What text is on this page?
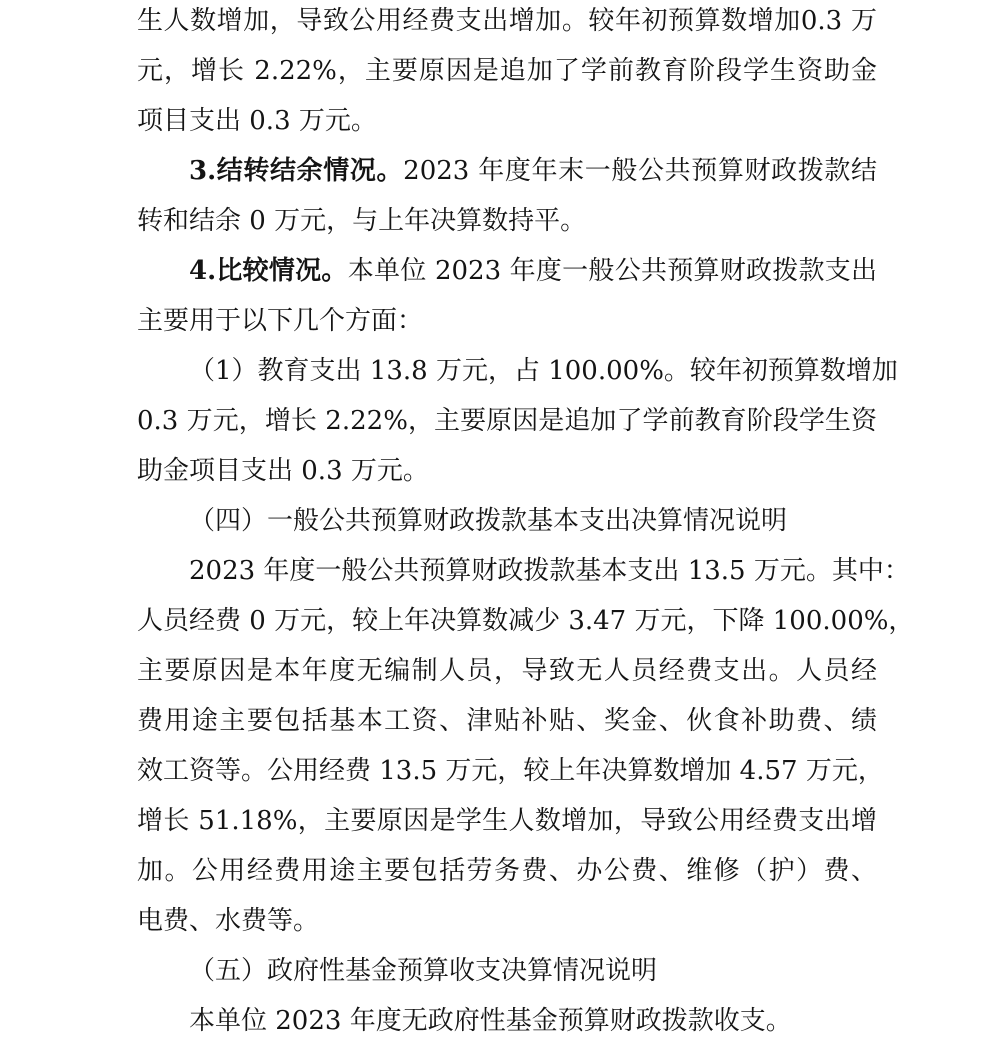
生人数增加，导致公用经费支出增加。较年初预算数增加0.3 万
元，增长 2.22%，主要原因是追加了学前教育阶段学生资助金
项目支出 0.3 万元。
3.结转结余情况。2023 年度年末一般公共预算财政拨款结
转和结余 0 万元，与上年决算数持平。
4.比较情况。本单位 2023 年度一般公共预算财政拨款支出
主要用于以下几个方面：
（1）教育支出 13.8 万元，占 100.00%。较年初预算数增加
0.3 万元，增长 2.22%，主要原因是追加了学前教育阶段学生资
助金项目支出 0.3 万元。
（四）一般公共预算财政拨款基本支出决算情况说明
2023 年度一般公共预算财政拨款基本支出 13.5 万元。其中：
人员经费 0 万元，较上年决算数减少 3.47 万元，下降 100.00%，
主要原因是本年度无编制人员，导致无人员经费支出。人员经
费用途主要包括基本工资、津贴补贴、奖金、伙食补助费、绩
效工资等。公用经费 13.5 万元，较上年决算数增加 4.57 万元，
增长 51.18%，主要原因是学生人数增加，导致公用经费支出增
加。公用经费用途主要包括劳务费、办公费、维修（护）费、
电费、水费等。
（五）政府性基金预算收支决算情况说明
本单位 2023 年度无政府性基金预算财政拨款收支。
